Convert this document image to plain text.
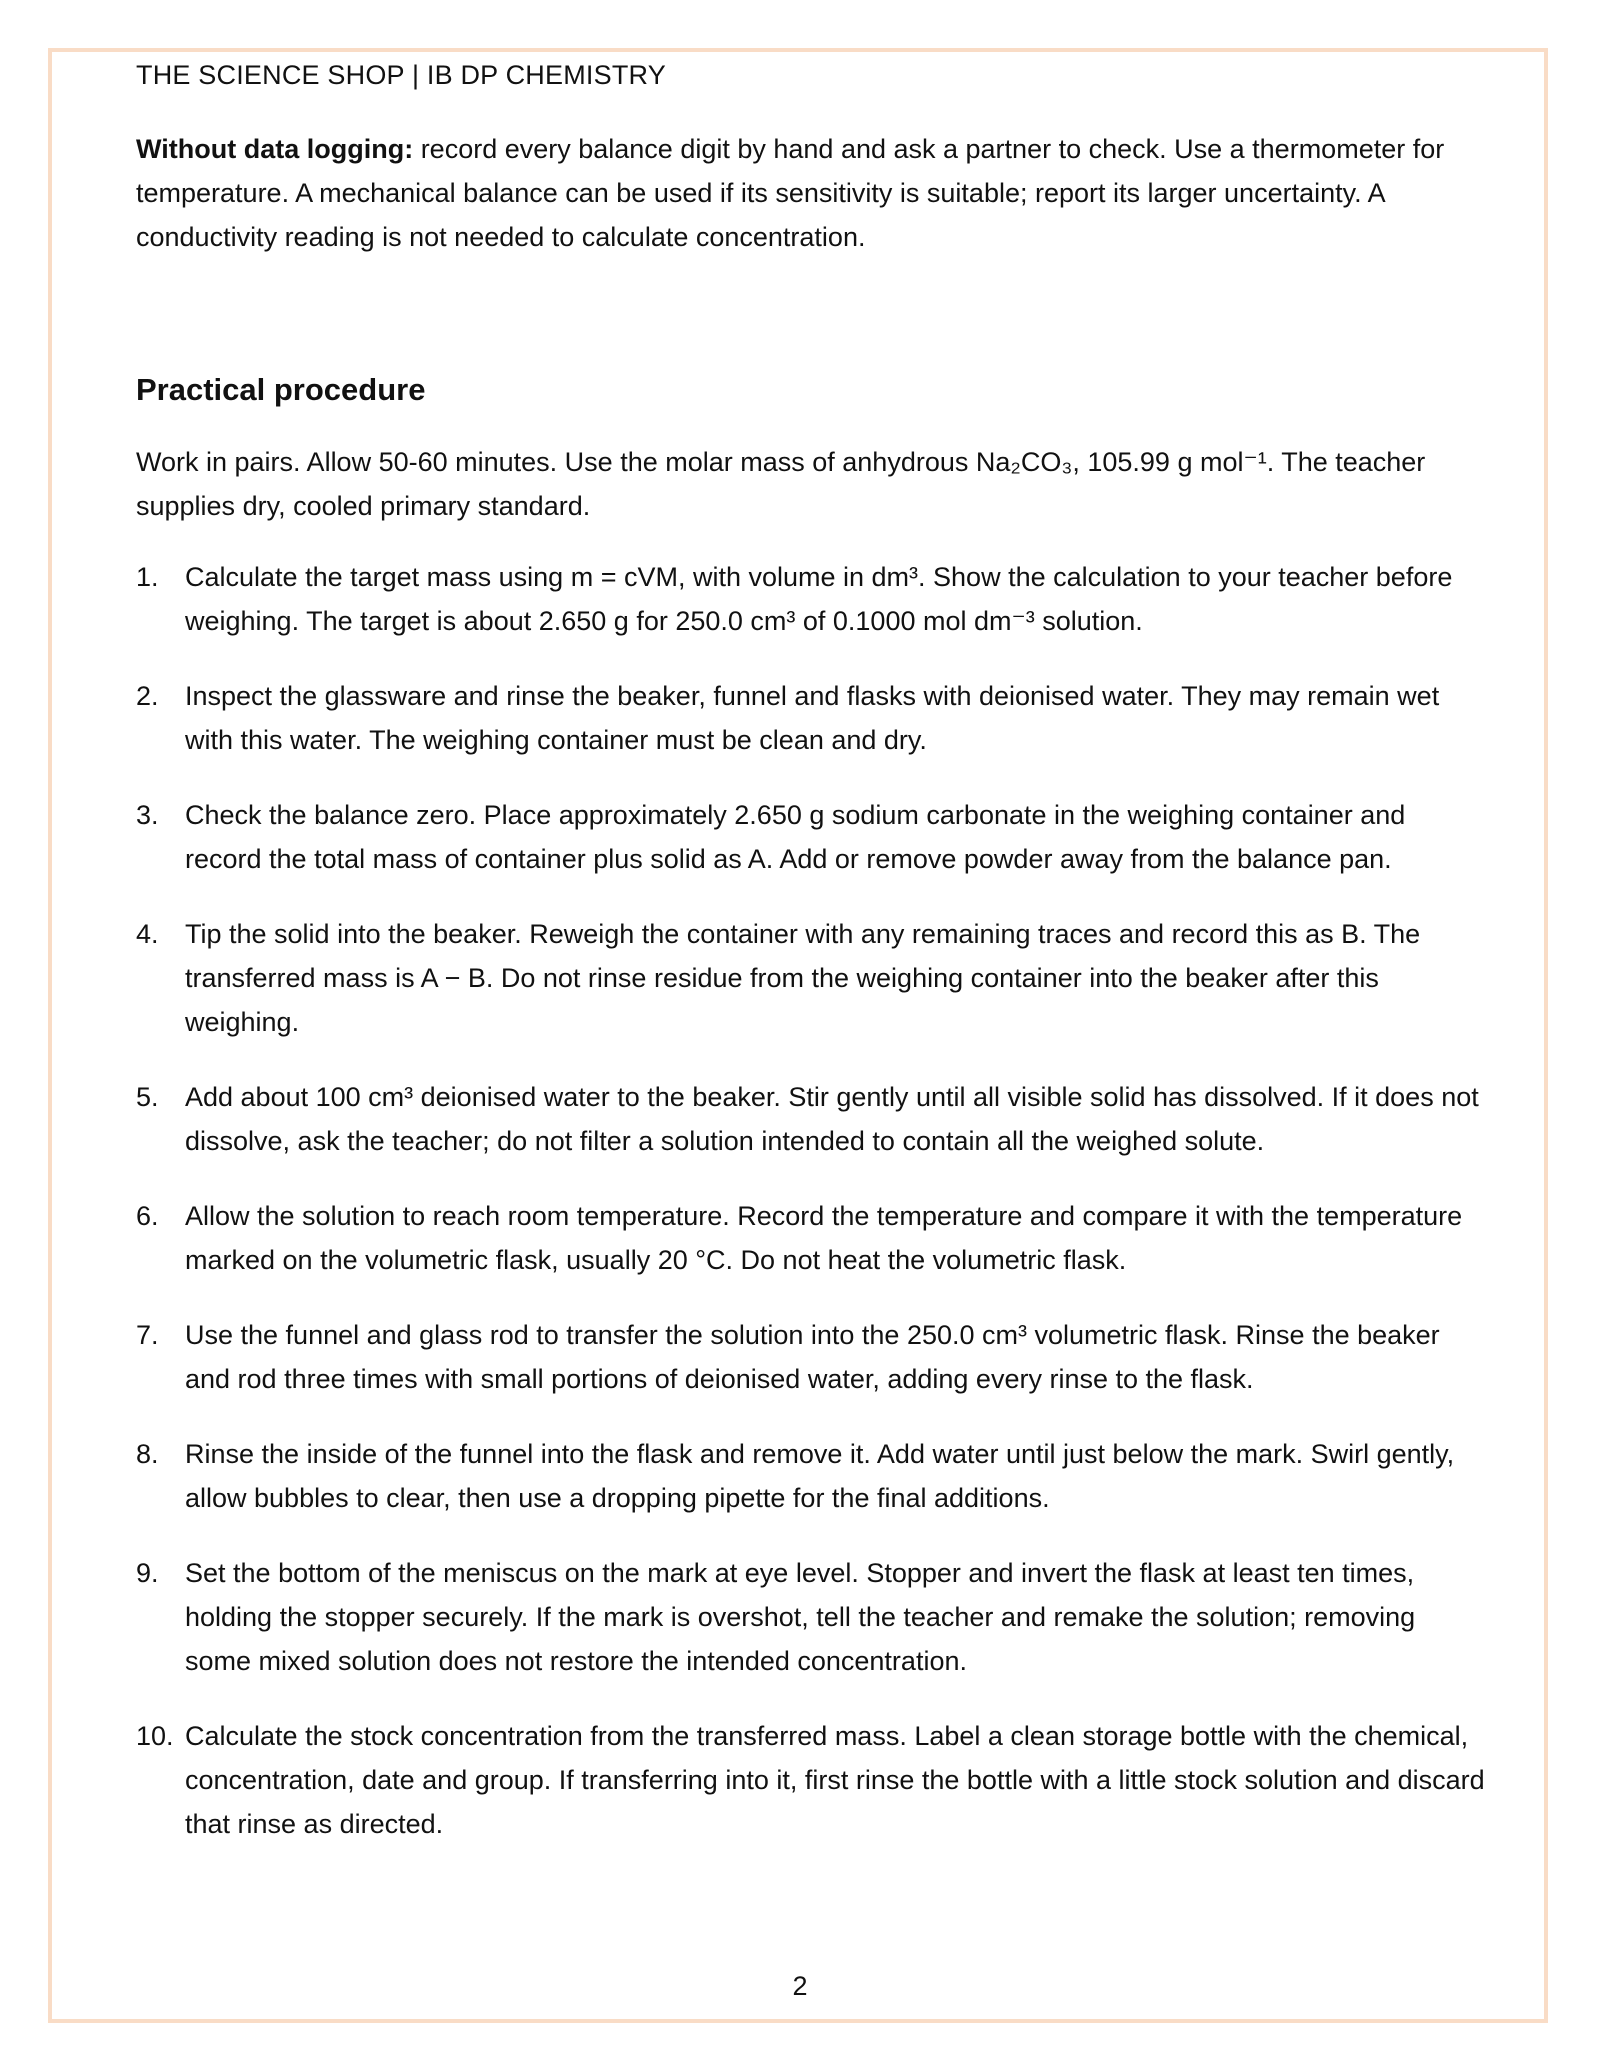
THE SCIENCE SHOP | IB DP CHEMISTRY

Without data logging: record every balance digit by hand and ask a partner to check. Use a thermometer for temperature. A mechanical balance can be used if its sensitivity is suitable; report its larger uncertainty. A conductivity reading is not needed to calculate concentration.

Practical procedure

Work in pairs. Allow 50-60 minutes. Use the molar mass of anhydrous Na₂CO₃, 105.99 g mol⁻¹. The teacher supplies dry, cooled primary standard.

1. Calculate the target mass using m = cVM, with volume in dm³. Show the calculation to your teacher before weighing. The target is about 2.650 g for 250.0 cm³ of 0.1000 mol dm⁻³ solution.
2. Inspect the glassware and rinse the beaker, funnel and flasks with deionised water. They may remain wet with this water. The weighing container must be clean and dry.
3. Check the balance zero. Place approximately 2.650 g sodium carbonate in the weighing container and record the total mass of container plus solid as A. Add or remove powder away from the balance pan.
4. Tip the solid into the beaker. Reweigh the container with any remaining traces and record this as B. The transferred mass is A − B. Do not rinse residue from the weighing container into the beaker after this weighing.
5. Add about 100 cm³ deionised water to the beaker. Stir gently until all visible solid has dissolved. If it does not dissolve, ask the teacher; do not filter a solution intended to contain all the weighed solute.
6. Allow the solution to reach room temperature. Record the temperature and compare it with the temperature marked on the volumetric flask, usually 20 °C. Do not heat the volumetric flask.
7. Use the funnel and glass rod to transfer the solution into the 250.0 cm³ volumetric flask. Rinse the beaker and rod three times with small portions of deionised water, adding every rinse to the flask.
8. Rinse the inside of the funnel into the flask and remove it. Add water until just below the mark. Swirl gently, allow bubbles to clear, then use a dropping pipette for the final additions.
9. Set the bottom of the meniscus on the mark at eye level. Stopper and invert the flask at least ten times, holding the stopper securely. If the mark is overshot, tell the teacher and remake the solution; removing some mixed solution does not restore the intended concentration.
10. Calculate the stock concentration from the transferred mass. Label a clean storage bottle with the chemical, concentration, date and group. If transferring into it, first rinse the bottle with a little stock solution and discard that rinse as directed.
2
